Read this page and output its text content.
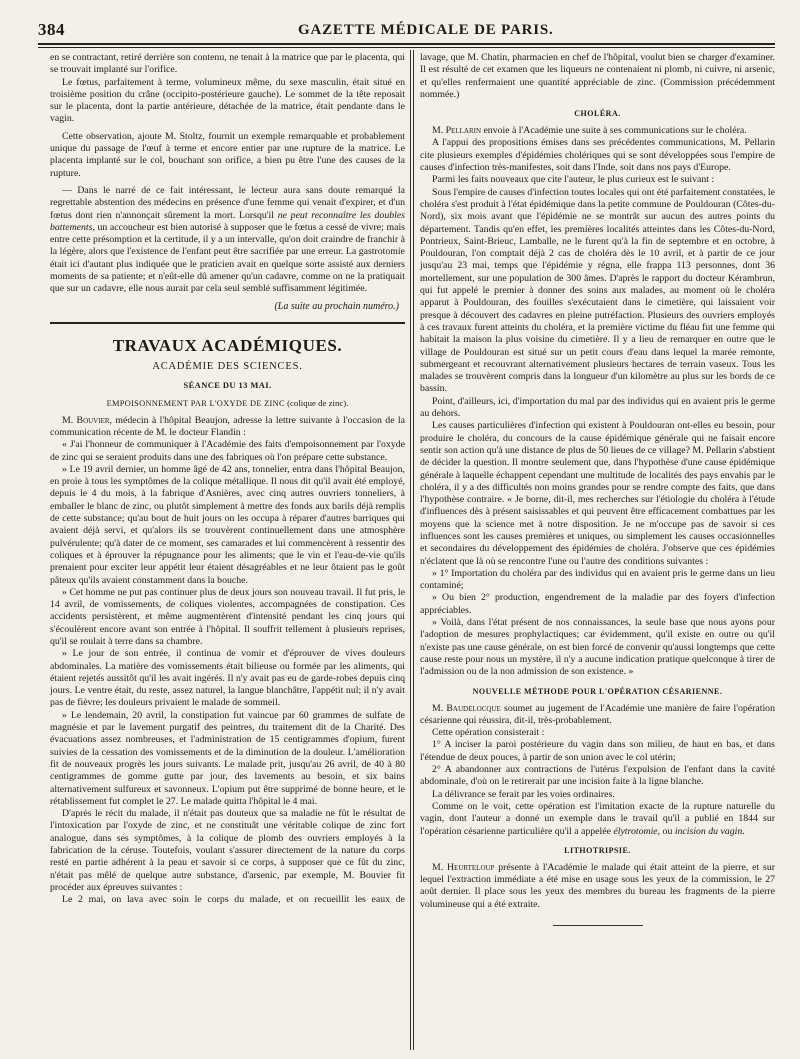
384	GAZETTE MÉDICALE DE PARIS.

en se contractant, retiré derrière son contenu, ne tenait à la matrice que par le placenta, qui se trouvait implanté sur l'orifice.

Le fœtus, parfaitement à terme, volumineux même, du sexe masculin, était situé en troisième position du crâne (occipito-postérieure gauche). Le sommet de la tête reposait sur le placenta, dont la partie antérieure, détachée de la matrice, était pendante dans le vagin.

Cette observation, ajoute M. Stoltz, fournit un exemple remarquable et probablement unique du passage de l'œuf à terme et encore entier par une rupture de la matrice. Le placenta implanté sur le col, bouchant son orifice, a bien pu être l'une des causes de la rupture.

— Dans le narré de ce fait intéressant, le lecteur aura sans doute remarqué la regrettable abstention des médecins en présence d'une femme qui venait d'expirer, et d'un fœtus dont rien n'annonçait sûrement la mort. Lorsqu'il ne peut reconnaître les doubles battements, un accoucheur est bien autorisé à supposer que le fœtus a cessé de vivre; mais entre cette présomption et la certitude, il y a un intervalle, qu'on doit craindre de franchir à la légère, alors que l'existence de l'enfant peut être sacrifiée par une erreur. La gastrotomie était ici d'autant plus indiquée que le praticien avait en quelque sorte assisté aux derniers moments de sa patiente; et n'eût-elle dû amener qu'un cadavre, comme on ne la pratiquait que sur un cadavre, elle nous aurait par cela seul semblé suffisamment légitimée.

(La suite au prochain numéro.)
TRAVAUX ACADÉMIQUES.
ACADÉMIE DES SCIENCES.
SÉANCE DU 13 MAI.
EMPOISONNEMENT PAR L'OXYDE DE ZINC (colique de zinc).

M. Bouvier, médecin à l'hôpital Beaujon, adresse la lettre suivante à l'occasion de la communication récente de M. le docteur Flandin :

« J'ai l'honneur de communiquer à l'Académie des faits d'empoisonnement par l'oxyde de zinc qui se seraient produits dans une des fabriques où l'on prépare cette substance.

» Le 19 avril dernier, un homme âgé de 42 ans, tonnelier, entra dans l'hôpital Beaujon, en proie à tous les symptômes de la colique métallique. Il nous dit qu'il avait été employé, depuis le 4 du mois, à la fabrique d'Asnières, avec cinq autres ouvriers tonneliers, à emballer le blanc de zinc, ou plutôt simplement à mettre des fonds aux barils déjà remplis de cette substance; qu'au bout de huit jours on les occupa à réparer d'autres barriques qui avaient déjà servi, et qu'alors ils se trouvèrent continuellement dans une atmosphère pulvérulente; qu'à dater de ce moment, ses camarades et lui commencèrent à ressentir des coliques et à éprouver la répugnance pour les aliments; que le vin et l'eau-de-vie qu'ils prenaient pour exciter leur appétit leur étaient désagréables et ne leur ôtaient pas le goût pâteux qu'ils avaient constamment dans la bouche.

» Cet homme ne put pas continuer plus de deux jours son nouveau travail. Il fut pris, le 14 avril, de vomissements, de coliques violentes, accompagnées de constipation. Ces accidents persistèrent, et même augmentèrent d'intensité pendant les cinq jours qui s'écoulèrent encore avant son entrée à l'hôpital. Il souffrit tellement à plusieurs reprises, qu'il se roulait à terre dans sa chambre.

» Le jour de son entrée, il continua de vomir et d'éprouver de vives douleurs abdominales. La matière des vomissements était bilieuse ou formée par les aliments, qui étaient rejetés aussitôt qu'il les avait ingérés. Il n'y avait pas eu de garde-robes depuis cinq jours. Le ventre était, du reste, assez naturel, la langue blanchâtre, l'appétit nul; il n'y avait pas de fièvre; les douleurs privaient le malade de sommeil.

» Le lendemain, 20 avril, la constipation fut vaincue par 60 grammes de sulfate de magnésie et par le lavement purgatif des peintres, du traitement dit de la Charité. Des évacuations assez nombreuses, et l'administration de 15 centigrammes d'opium, furent suivies de la cessation des vomissements et de la diminution de la douleur. L'amélioration fit de nouveaux progrès les jours suivants. Le malade prit, jusqu'au 26 avril, de 40 à 80 centigrammes de gomme gutte par jour, des lavements au besoin, et six bains alternativement sulfureux et savonneux. L'opium put être supprimé de bonne heure, et le rétablissement fut complet le 27. Le malade quitta l'hôpital le 4 mai.

D'après le récit du malade, il n'était pas douteux que sa maladie ne fût le résultat de l'intoxication par l'oxyde de zinc, et ne constituât une véritable colique de zinc fort analogue, dans ses symptômes, à la colique de plomb des ouvriers employés à la fabrication de la céruse. Toutefois, voulant s'assurer directement de la nature du corps resté en partie adhérent à la peau et savoir si ce corps, à supposer que ce fût du zinc, n'était pas mêlé de quelque autre substance, d'arsenic, par exemple, M. Bouvier fit procéder aux épreuves suivantes :

Le 2 mai, on lava avec soin le corps du malade, et on recueillit les eaux de

lavage, que M. Chatin, pharmacien en chef de l'hôpital, voulut bien se charger d'examiner. Il est résulté de cet examen que les liqueurs ne contenaient ni plomb, ni cuivre, ni arsenic, et qu'elles renfermaient une quantité appréciable de zinc. (Commission précédemment nommée.)

CHOLÉRA.

M. Pellarin envoie à l'Académie une suite à ses communications sur le choléra.

A l'appui des propositions émises dans ses précédentes communications, M. Pellarin cite plusieurs exemples d'épidémies cholériques qui se sont développées sous l'empire de causes d'infection très-manifestes, soit dans l'Inde, soit dans nos pays d'Europe.

Parmi les faits nouveaux que cite l'auteur, le plus curieux est le suivant :

Sous l'empire de causes d'infection toutes locales qui ont été parfaitement constatées, le choléra s'est produit à l'état épidémique dans la petite commune de Pouldouran (Côtes-du-Nord), six mois avant que l'épidémie ne se montrât sur aucun des autres points du département. Tandis qu'en effet, les premières localités atteintes dans les Côtes-du-Nord, Pontrieux, Saint-Brieuc, Lamballe, ne le furent qu'à la fin de septembre et en octobre, à Pouldouran, l'on comptait déjà 2 cas de choléra dès le 10 avril, et à partir de ce jour jusqu'au 23 mai, temps que l'épidémie y régna, elle frappa 113 personnes, dont 36 mortellement, sur une population de 300 âmes. D'après le rapport du docteur Kérambrun, qui fut appelé le premier à donner des soins aux malades, au moment où le choléra apparut à Pouldouran, des fouilles s'exécutaient dans le cimetière, qui laissaient voir presque à découvert des cadavres en pleine putréfaction. Plusieurs des ouvriers employés à ces travaux furent atteints du choléra, et la première victime du fléau fut une femme qui habitait la maison la plus voisine du cimetière. Il y a lieu de remarquer en outre que le village de Pouldouran est situé sur un petit cours d'eau dans lequel la marée remonte, submergeant et recouvrant alternativement plusieurs hectares de terrain vaseux. Tous les malades se trouvèrent compris dans la longueur d'un kilomètre au plus sur les bords de ce bassin.

Point, d'ailleurs, ici, d'importation du mal par des individus qui en avaient pris le germe au dehors.

Les causes particulières d'infection qui existent à Pouldouran ont-elles eu besoin, pour produire le choléra, du concours de la cause épidémique générale qui ne faisait encore sentir son action qu'à une distance de plus de 50 lieues de ce village? M. Pellarin s'abstient de décider la question. Il montre seulement que, dans l'hypothèse d'une cause épidémique générale à laquelle échappent cependant une multitude de localités des pays envahis par le choléra, il y a des difficultés non moins grandes pour se rendre compte des faits, que dans l'hypothèse contraire. « Je borne, dit-il, mes recherches sur l'étiologie du choléra à l'étude d'influences dès à présent saisissables et qui peuvent être efficacement combattues par les moyens que la science met à notre disposition. Je ne m'occupe pas de savoir si ces influences sont les causes premières et uniques, ou simplement les causes occasionnelles et secondaires du développement des épidémies de choléra. J'observe que ces épidémies n'éclatent que là où se rencontre l'une ou l'autre des conditions suivantes :

» 1° Importation du choléra par des individus qui en avaient pris le germe dans un lieu contaminé;

» Ou bien 2° production, engendrement de la maladie par des foyers d'infection appréciables.

» Voilà, dans l'état présent de nos connaissances, la seule base que nous ayons pour l'adoption de mesures prophylactiques; car évidemment, qu'il existe en outre ou qu'il n'existe pas une cause générale, on est bien forcé de convenir qu'aussi longtemps que cette cause reste pour nous un mystère, il n'y a aucune indication pratique quelconque à tirer de l'admission ou de la non admission de son existence. »

NOUVELLE MÉTHODE POUR L'OPÉRATION CÉSARIENNE.

M. Baudelocque soumet au jugement de l'Académie une manière de faire l'opération césarienne qui réussira, dit-il, très-probablement.

Cette opération consisterait :

1° A inciser la paroi postérieure du vagin dans son milieu, de haut en bas, et dans l'étendue de deux pouces, à partir de son union avec le col utérin;

2° A abandonner aux contractions de l'utérus l'expulsion de l'enfant dans la cavité abdominale, d'où on le retirerait par une incision faite à la ligne blanche.

La délivrance se ferait par les voies ordinaires.

Comme on le voit, cette opération est l'imitation exacte de la rupture naturelle du vagin, dont l'auteur a donné un exemple dans le travail qu'il a publié en 1844 sur l'opération césarienne particulière qu'il a appelée élytrotomie, ou incision du vagin.

LITHOTRIPSIE.

M. Heurteloup présente à l'Académie le malade qui était atteint de la pierre, et sur lequel l'extraction immédiate a été mise en usage sous les yeux de la commission, le 27 août dernier. Il place sous les yeux des membres du bureau les fragments de la pierre volumineuse qui a été extraite.
